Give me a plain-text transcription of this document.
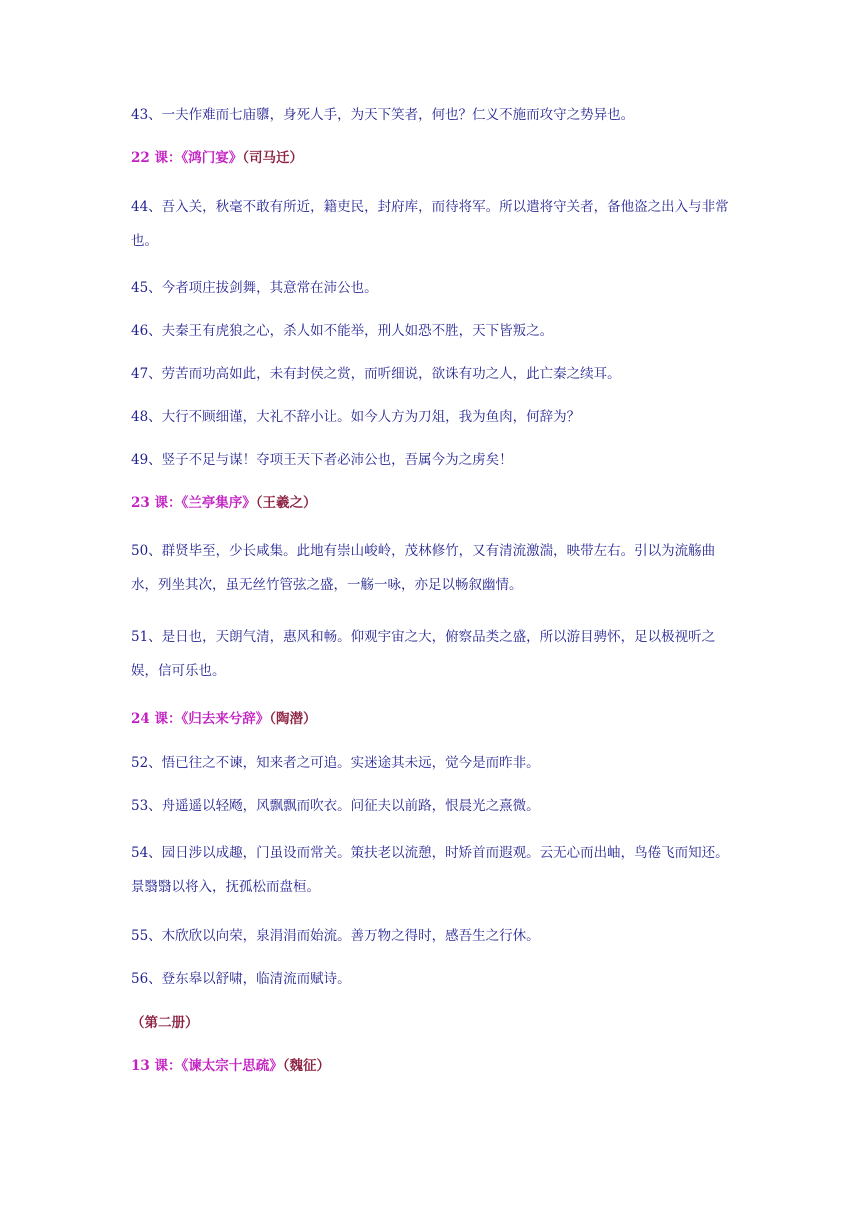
43、一夫作难而七庙隳，身死人手，为天下笑者，何也？仁义不施而攻守之势异也。

22 课：《鸿门宴》（司马迁）

44、吾入关，秋毫不敢有所近，籍吏民，封府库，而待将军。所以遣将守关者，备他盗之出入与非常也。

45、今者项庄拔剑舞，其意常在沛公也。

46、夫秦王有虎狼之心，杀人如不能举，刑人如恐不胜，天下皆叛之。

47、劳苦而功高如此，未有封侯之赏，而听细说，欲诛有功之人，此亡秦之续耳。

48、大行不顾细谨，大礼不辞小让。如今人方为刀俎，我为鱼肉，何辞为？

49、竖子不足与谋！夺项王天下者必沛公也，吾属今为之虏矣！

23 课：《兰亭集序》（王羲之）

50、群贤毕至，少长咸集。此地有崇山峻岭，茂林修竹，又有清流激湍，映带左右。引以为流觞曲水，列坐其次，虽无丝竹管弦之盛，一觞一咏，亦足以畅叙幽情。

51、是日也，天朗气清，惠风和畅。仰观宇宙之大，俯察品类之盛，所以游目骋怀，足以极视听之娱，信可乐也。

24 课：《归去来兮辞》（陶潜）

52、悟已往之不谏，知来者之可追。实迷途其未远，觉今是而昨非。

53、舟遥遥以轻飏，风飘飘而吹衣。问征夫以前路，恨晨光之熹微。

54、园日涉以成趣，门虽设而常关。策扶老以流憩，时矫首而遐观。云无心而出岫，鸟倦飞而知还。景翳翳以将入，抚孤松而盘桓。

55、木欣欣以向荣，泉涓涓而始流。善万物之得时，感吾生之行休。

56、登东皋以舒啸，临清流而赋诗。

（第二册）

13 课：《谏太宗十思疏》（魏征）
